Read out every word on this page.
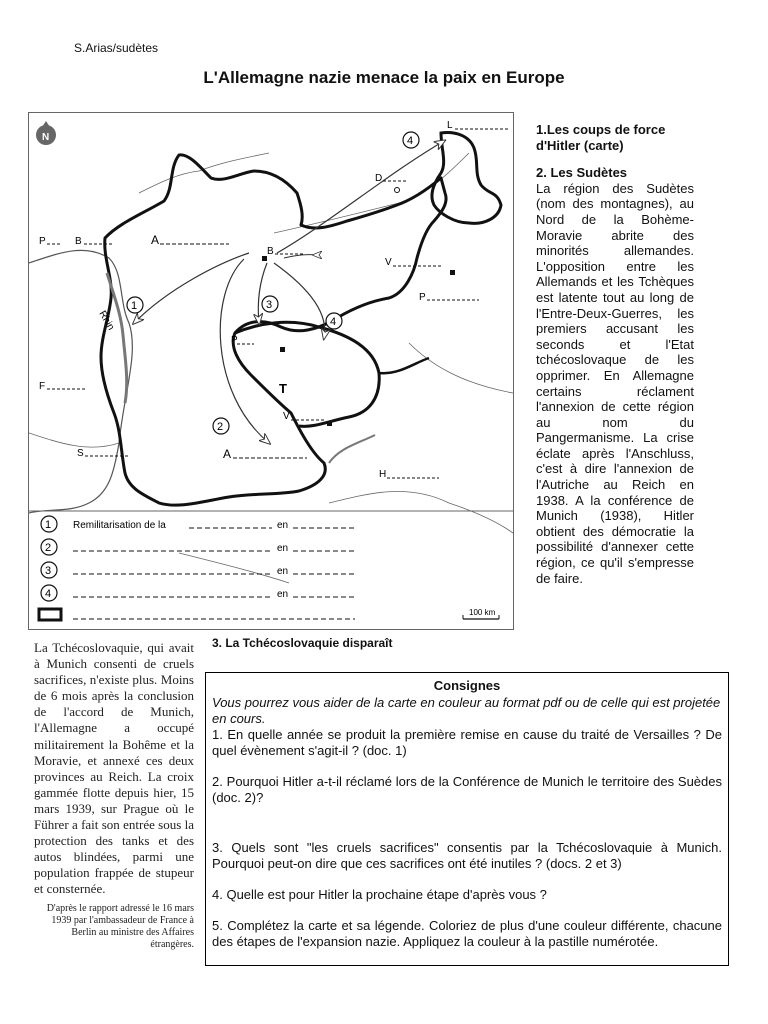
S.Arias/sudètes
L'Allemagne nazie menace la paix en Europe
N
Rhin
1
2
3
4
4
P	B	A
B
D
L
V
P
F
S	A
T
V
P
H
1 Remilitarisation de la	en
2	en
3	en
4	en
100 km

1.Les coups de force d'Hitler (carte)

2. Les Sudètes

La région des Sudètes (nom des montagnes), au Nord de la Bohème-Moravie abrite des minorités allemandes. L'opposition entre les Allemands et les Tchèques est latente tout au long de l'Entre-Deux-Guerres, les premiers accusant les seconds et l'Etat tchécoslovaque de les opprimer. En Allemagne certains réclament l'annexion de cette région au nom du Pangermanisme. La crise éclate après l'Anschluss, c'est à dire l'annexion de l'Autriche au Reich en 1938. A la conférence de Munich (1938), Hitler obtient des démocratie la possibilité d'annexer cette région, ce qu'il s'empresse de faire.

3. La Tchécoslovaquie disparaît
La Tchécoslovaquie, qui avait à Munich consenti de cruels sacrifices, n'existe plus. Moins de 6 mois après la conclusion de l'accord de Munich, l'Allemagne a occupé militairement la Bohême et la Moravie, et annexé ces deux provinces au Reich. La croix gammée flotte depuis hier, 15 mars 1939, sur Prague où le Führer a fait son entrée sous la protection des tanks et des autos blindées, parmi une population frappée de stupeur et consternée.
D'après le rapport adressé le 16 mars 1939 par l'ambassadeur de France à Berlin au ministre des Affaires étrangères.
Consignes
Vous pourrez vous aider de la carte en couleur au format pdf ou de celle qui est projetée en cours.
1. En quelle année se produit la première remise en cause du traité de Versailles ? De quel évènement s'agit-il ? (doc. 1)
2. Pourquoi Hitler a-t-il réclamé lors de la Conférence de Munich le territoire des Suèdes (doc. 2)?
3. Quels sont "les cruels sacrifices" consentis par la Tchécoslovaquie à Munich. Pourquoi peut-on dire que ces sacrifices ont été inutiles ? (docs. 2 et 3)
4. Quelle est pour Hitler la prochaine étape d'après vous ?
5. Complétez la carte et sa légende. Coloriez de plus d'une couleur différente, chacune des étapes de l'expansion nazie. Appliquez la couleur à la pastille numérotée.
